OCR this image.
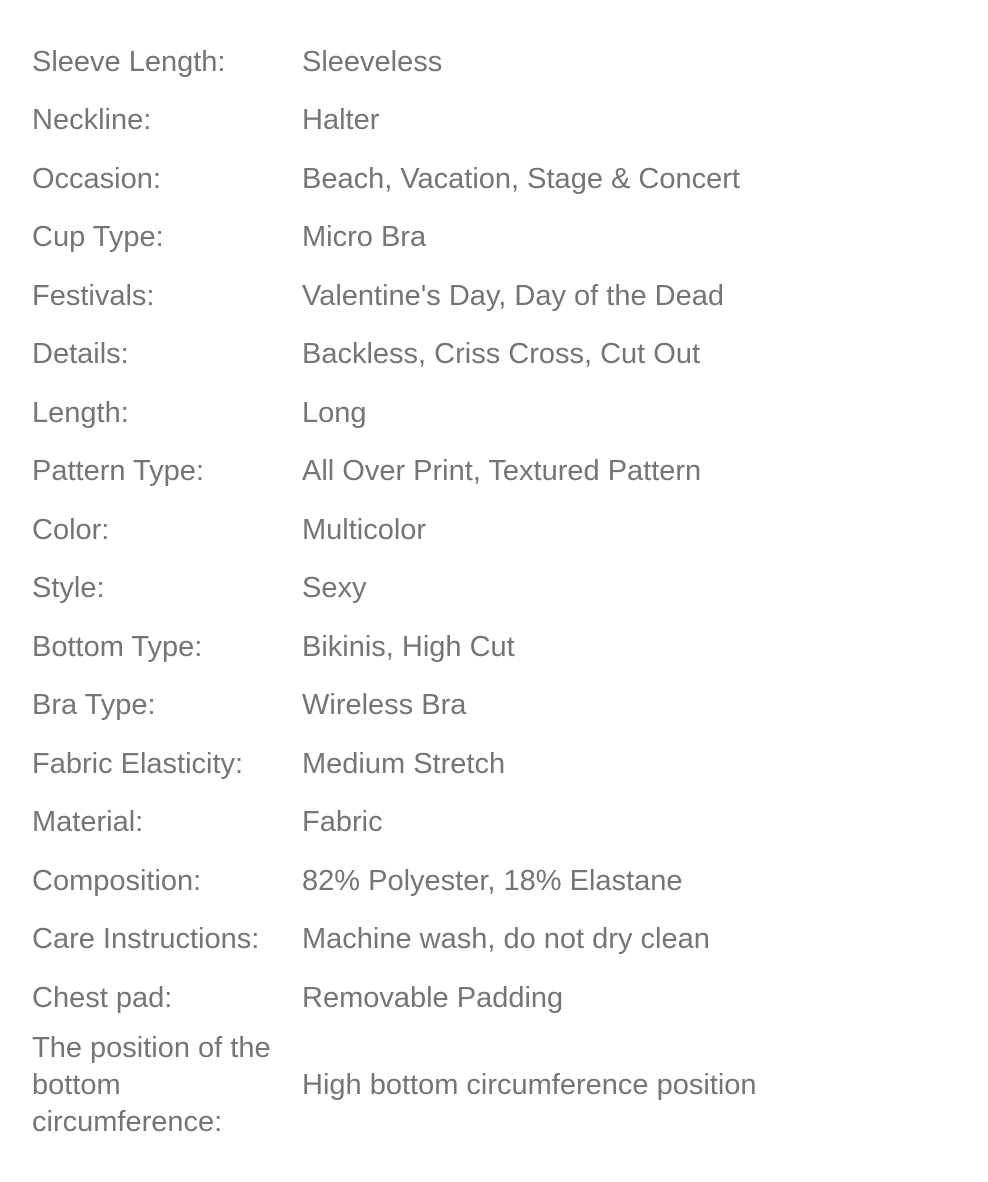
Sleeve Length:	Sleeveless
Neckline:	Halter
Occasion:	Beach, Vacation, Stage & Concert
Cup Type:	Micro Bra
Festivals:	Valentine's Day, Day of the Dead
Details:	Backless, Criss Cross, Cut Out
Length:	Long
Pattern Type:	All Over Print, Textured Pattern
Color:	Multicolor
Style:	Sexy
Bottom Type:	Bikinis, High Cut
Bra Type:	Wireless Bra
Fabric Elasticity:	Medium Stretch
Material:	Fabric
Composition:	82% Polyester, 18% Elastane
Care Instructions:	Machine wash, do not dry clean
Chest pad:	Removable Padding
The position of the bottom circumference:	High bottom circumference position
